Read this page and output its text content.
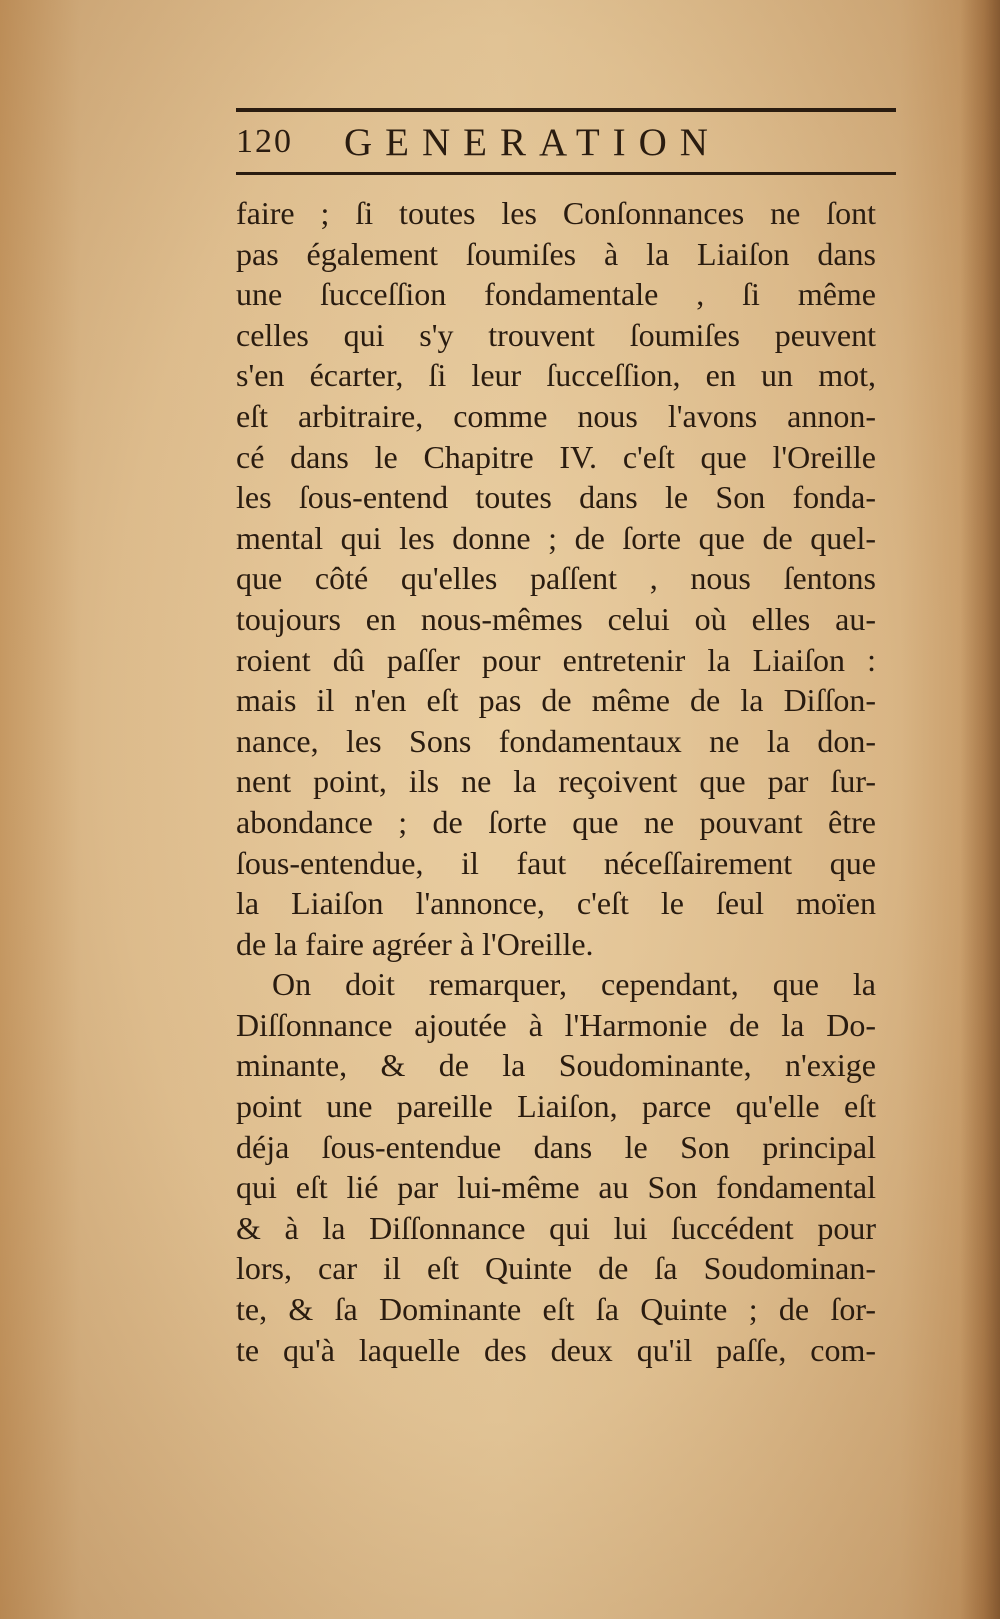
120	GENERATION
faire ; ſi toutes les Conſonnances ne ſont
pas également ſoumiſes à la Liaiſon dans
une ſucceſſion fondamentale , ſi même
celles qui s'y trouvent ſoumiſes peuvent
s'en écarter, ſi leur ſucceſſion, en un mot,
eſt arbitraire, comme nous l'avons annon-
cé dans le Chapitre IV. c'eſt que l'Oreille
les ſous-entend toutes dans le Son fonda-
mental qui les donne ; de ſorte que de quel-
que côté qu'elles paſſent , nous ſentons
toujours en nous-mêmes celui où elles au-
roient dû paſſer pour entretenir la Liaiſon :
mais il n'en eſt pas de même de la Diſſon-
nance, les Sons fondamentaux ne la don-
nent point, ils ne la reçoivent que par ſur-
abondance ; de ſorte que ne pouvant être
ſous-entendue, il faut néceſſairement que
la Liaiſon l'annonce, c'eſt le ſeul moïen
de la faire agréer à l'Oreille.
On doit remarquer, cependant, que la
Diſſonnance ajoutée à l'Harmonie de la Do-
minante, & de la Soudominante, n'exige
point une pareille Liaiſon, parce qu'elle eſt
déja ſous-entendue dans le Son principal
qui eſt lié par lui-même au Son fondamental
& à la Diſſonnance qui lui ſuccédent pour
lors, car il eſt Quinte de ſa Soudominan-
te, & ſa Dominante eſt ſa Quinte ; de ſor-
te qu'à laquelle des deux qu'il paſſe, com-
